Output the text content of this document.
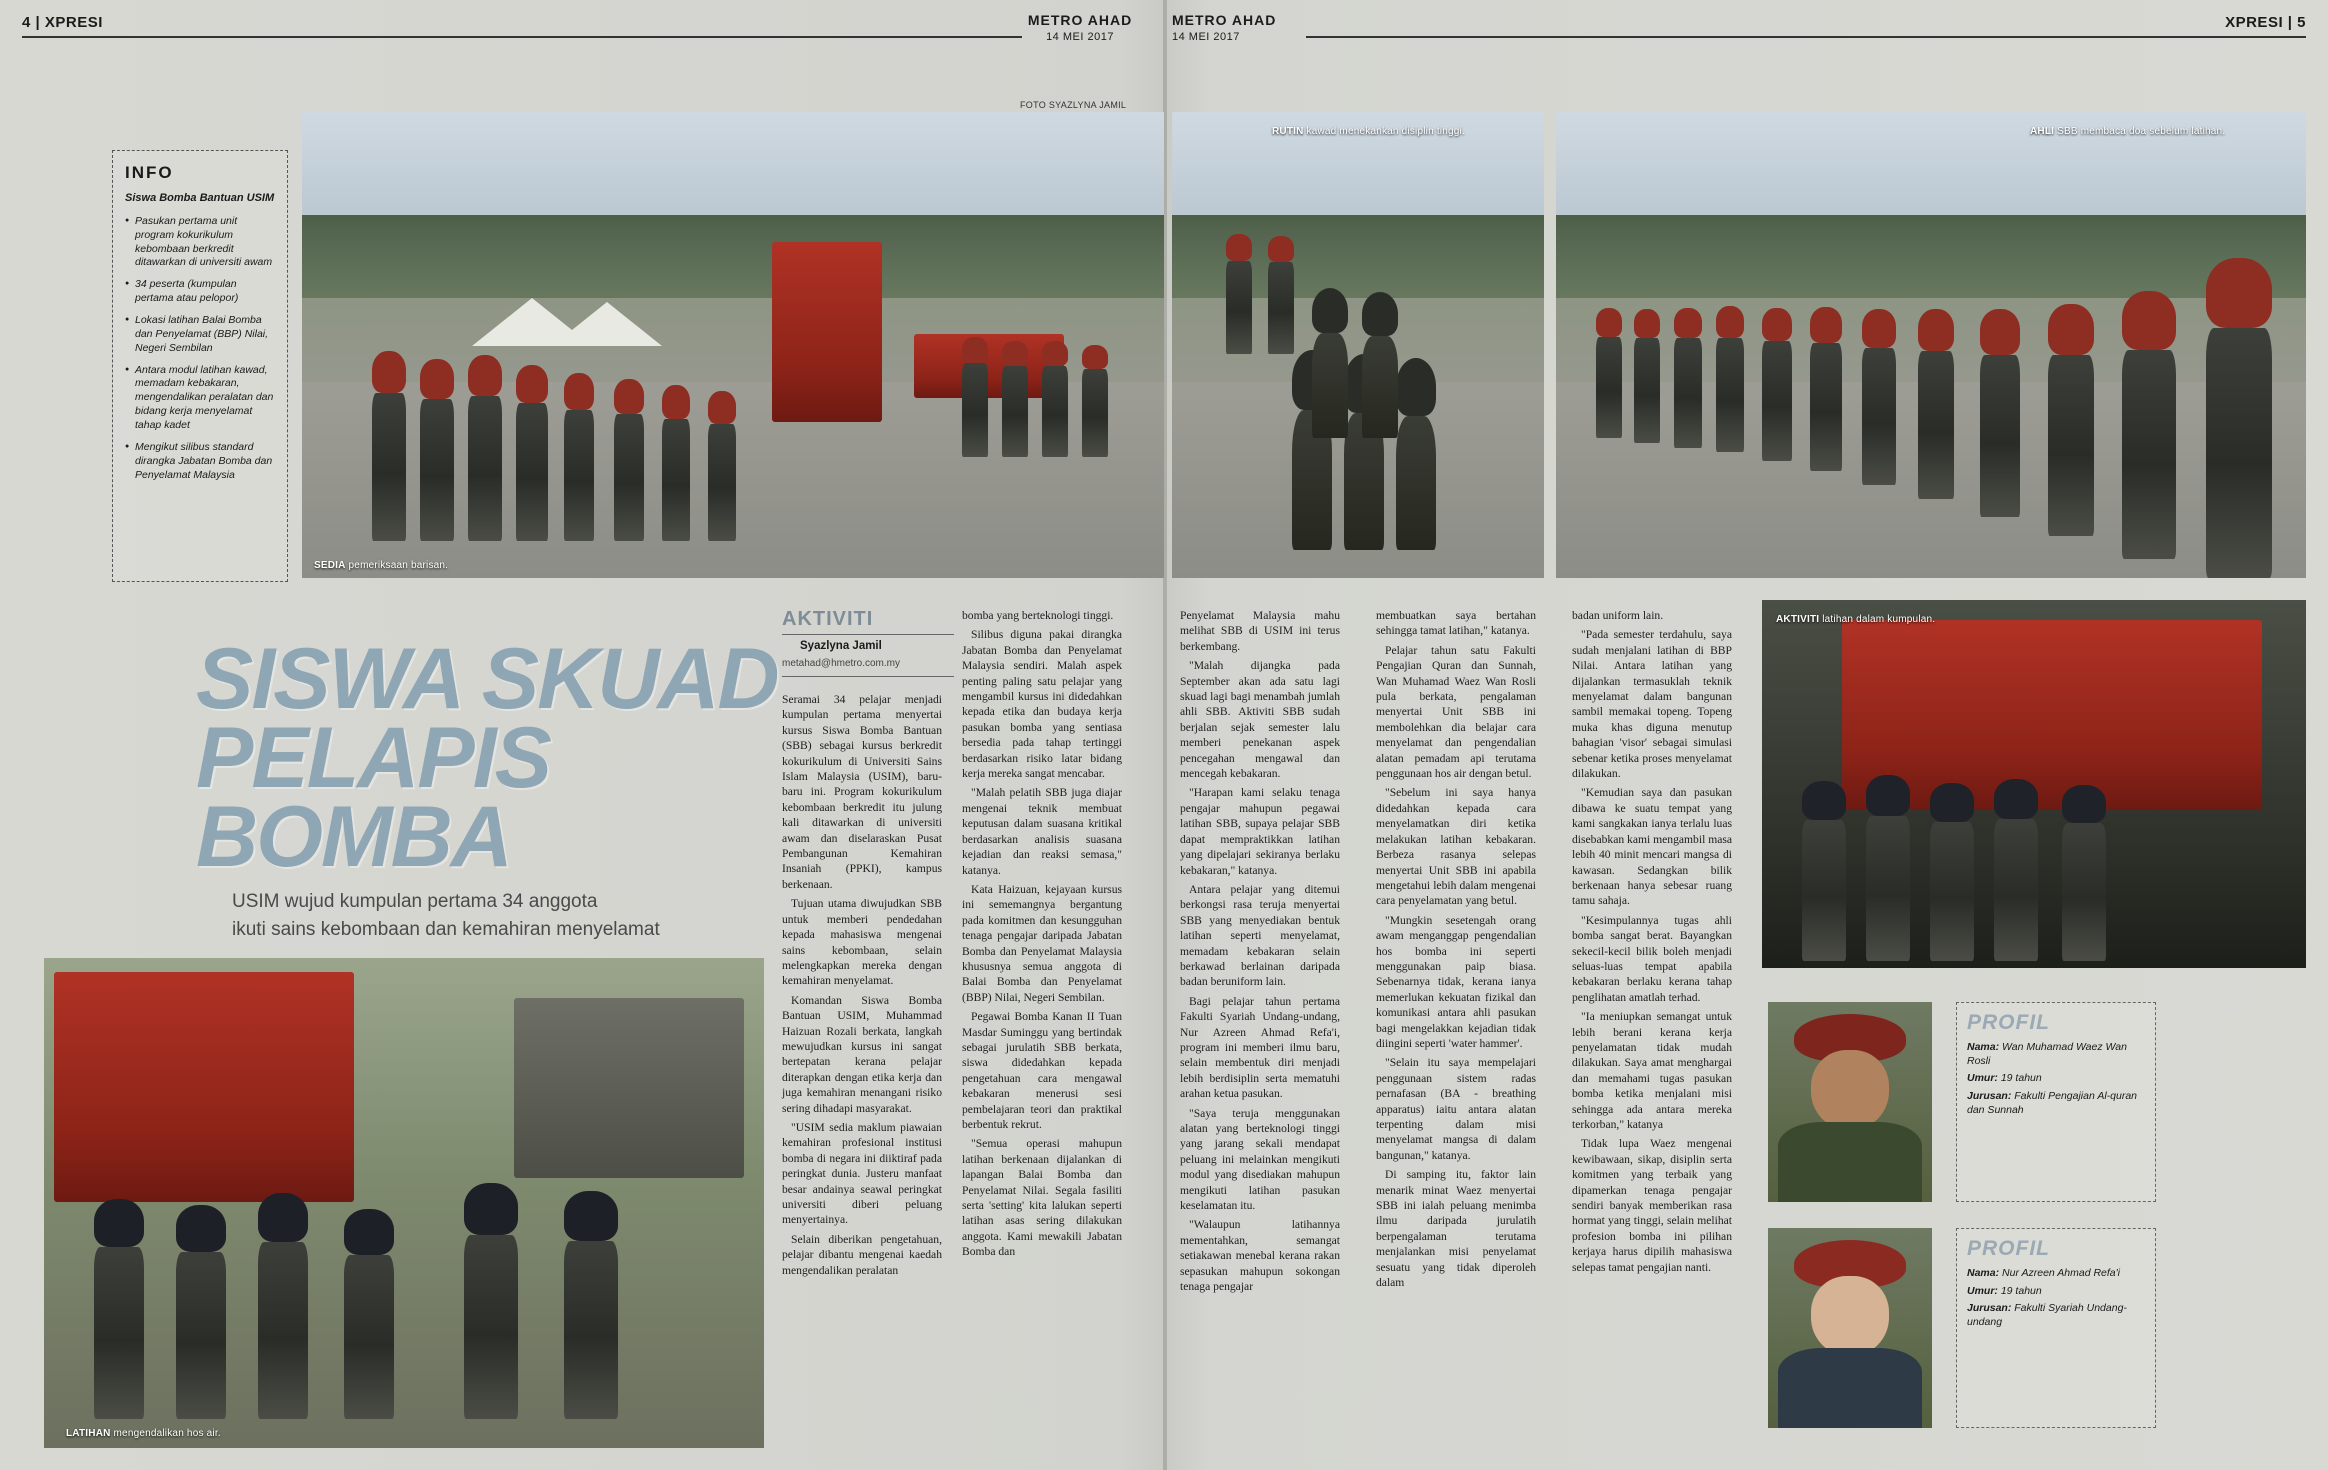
4 | XPRESI	METRO AHAD
14 MEI 2017
METRO AHAD
14 MEI 2017
XPRESI | 5
FOTO SYAZLYNA JAMIL
SEDIA pemeriksaan barisan.
RUTIN kawad menekankan disiplin tinggi.	AHLI SBB membaca doa sebelum latihan.
AKTIVITI latihan dalam kumpulan.
LATIHAN mengendalikan hos air.
INFO
Siswa Bomba Bantuan USIM
● Pasukan pertama unit program kokurikulum kebombaan berkredit ditawarkan di universiti awam
● 34 peserta (kumpulan pertama atau pelopor)
● Lokasi latihan Balai Bomba dan Penyelamat (BBP) Nilai, Negeri Sembilan
● Antara modul latihan kawad, memadam kebakaran, mengendalikan peralatan dan bidang kerja menyelamat tahap kadet
● Mengikut silibus standard dirangka Jabatan Bomba dan Penyelamat Malaysia
SISWA SKUAD
PELAPIS BOMBA
USIM wujud kumpulan pertama 34 anggota
ikuti sains kebombaan dan kemahiran menyelamat
AKTIVITI
Syazlyna Jamil
metahad@hmetro.com.my

Seramai 34 pelajar menjadi kumpulan pertama menyertai kursus Siswa Bomba Bantuan (SBB) sebagai kursus berkredit kokurikulum di Universiti Sains Islam Malaysia (USIM), baru-baru ini. Program kokurikulum kebombaan berkredit itu julung kali ditawarkan di universiti awam dan diselaraskan Pusat Pembangunan Kemahiran Insaniah (PPKI), kampus berkenaan.

Tujuan utama diwujudkan SBB untuk memberi pendedahan kepada mahasiswa mengenai sains kebombaan, selain melengkapkan mereka dengan kemahiran menyelamat.

Komandan Siswa Bomba Bantuan USIM, Muhammad Haizuan Rozali berkata, langkah mewujudkan kursus ini sangat bertepatan kerana pelajar diterapkan dengan etika kerja dan juga kemahiran menangani risiko sering dihadapi masyarakat.

"USIM sedia maklum piawaian kemahiran profesional institusi bomba di negara ini diiktiraf pada peringkat dunia. Justeru manfaat besar andainya seawal peringkat universiti diberi peluang menyertainya.

Selain diberikan pengetahuan, pelajar dibantu mengenai kaedah mengendalikan peralatan

bomba yang berteknologi tinggi.

Silibus diguna pakai dirangka Jabatan Bomba dan Penyelamat Malaysia sendiri. Malah aspek penting paling satu pelajar yang mengambil kursus ini didedahkan kepada etika dan budaya kerja pasukan bomba yang sentiasa bersedia pada tahap tertinggi berdasarkan risiko latar bidang kerja mereka sangat mencabar.

"Malah pelatih SBB juga diajar mengenai teknik membuat keputusan dalam suasana kritikal berdasarkan analisis suasana kejadian dan reaksi semasa," katanya.

Kata Haizuan, kejayaan kursus ini sememangnya bergantung pada komitmen dan kesungguhan tenaga pengajar daripada Jabatan Bomba dan Penyelamat Malaysia khususnya semua anggota di Balai Bomba dan Penyelamat (BBP) Nilai, Negeri Sembilan.

Pegawai Bomba Kanan II Tuan Masdar Suminggu yang bertindak sebagai jurulatih SBB berkata, siswa didedahkan kepada pengetahuan cara mengawal kebakaran menerusi sesi pembelajaran teori dan praktikal berbentuk rekrut.

"Semua operasi mahupun latihan berkenaan dijalankan di lapangan Balai Bomba dan Penyelamat Nilai. Segala fasiliti serta 'setting' kita lalukan seperti latihan asas sering dilakukan anggota. Kami mewakili Jabatan Bomba dan

Penyelamat Malaysia mahu melihat SBB di USIM ini terus berkembang.

"Malah dijangka pada September akan ada satu lagi skuad lagi bagi menambah jumlah ahli SBB. Aktiviti SBB sudah berjalan sejak semester lalu memberi penekanan aspek pencegahan mengawal dan mencegah kebakaran.

"Harapan kami selaku tenaga pengajar mahupun pegawai latihan SBB, supaya pelajar SBB dapat mempraktikkan latihan yang dipelajari sekiranya berlaku kebakaran," katanya.

Antara pelajar yang ditemui berkongsi rasa teruja menyertai SBB yang menyediakan bentuk latihan seperti menyelamat, memadam kebakaran selain berkawad berlainan daripada badan beruniform lain.

Bagi pelajar tahun pertama Fakulti Syariah Undang-undang, Nur Azreen Ahmad Refa'i, program ini memberi ilmu baru, selain membentuk diri menjadi lebih berdisiplin serta mematuhi arahan ketua pasukan.

"Saya teruja menggunakan alatan yang berteknologi tinggi yang jarang sekali mendapat peluang ini melainkan mengikuti modul yang disediakan mahupun mengikuti latihan pasukan keselamatan itu.

"Walaupun latihannya mementahkan, semangat setiakawan menebal kerana rakan sepasukan mahupun sokongan tenaga pengajar

membuatkan saya bertahan sehingga tamat latihan," katanya.

Pelajar tahun satu Fakulti Pengajian Quran dan Sunnah, Wan Muhamad Waez Wan Rosli pula berkata, pengalaman menyertai Unit SBB ini membolehkan dia belajar cara menyelamat dan pengendalian alatan pemadam api terutama penggunaan hos air dengan betul.

"Sebelum ini saya hanya didedahkan kepada cara menyelamatkan diri ketika melakukan latihan kebakaran. Berbeza rasanya selepas menyertai Unit SBB ini apabila mengetahui lebih dalam mengenai cara penyelamatan yang betul.

"Mungkin sesetengah orang awam menganggap pengendalian hos bomba ini seperti menggunakan paip biasa. Sebenarnya tidak, kerana ianya memerlukan kekuatan fizikal dan komunikasi antara ahli pasukan bagi mengelakkan kejadian tidak diingini seperti 'water hammer'.

"Selain itu saya mempelajari penggunaan sistem radas pernafasan (BA - breathing apparatus) iaitu antara alatan terpenting dalam misi menyelamat mangsa di dalam bangunan," katanya.

Di samping itu, faktor lain menarik minat Waez menyertai SBB ini ialah peluang menimba ilmu daripada jurulatih berpengalaman terutama menjalankan misi penyelamat sesuatu yang tidak diperoleh dalam

badan uniform lain.

"Pada semester terdahulu, saya sudah menjalani latihan di BBP Nilai. Antara latihan yang dijalankan termasuklah teknik menyelamat dalam bangunan sambil memakai topeng. Topeng muka khas diguna menutup bahagian 'visor' sebagai simulasi sebenar ketika proses menyelamat dilakukan.

"Kemudian saya dan pasukan dibawa ke suatu tempat yang kami sangkakan ianya terlalu luas disebabkan kami mengambil masa lebih 40 minit mencari mangsa di kawasan. Sedangkan bilik berkenaan hanya sebesar ruang tamu sahaja.

"Kesimpulannya tugas ahli bomba sangat berat. Bayangkan sekecil-kecil bilik boleh menjadi seluas-luas tempat apabila kebakaran berlaku kerana tahap penglihatan amatlah terhad.

"Ia meniupkan semangat untuk lebih berani kerana kerja penyelamatan tidak mudah dilakukan. Saya amat menghargai dan memahami tugas pasukan bomba ketika menjalani misi sehingga ada antara mereka terkorban," katanya

Tidak lupa Waez mengenai kewibawaan, sikap, disiplin serta komitmen yang terbaik yang dipamerkan tenaga pengajar sendiri banyak memberikan rasa hormat yang tinggi, selain melihat profesion bomba ini pilihan kerjaya harus dipilih mahasiswa selepas tamat pengajian nanti.

PROFIL
Nama: Wan Muhamad Waez Wan Rosli
Umur: 19 tahun
Jurusan: Fakulti Pengajian Al-quran dan Sunnah
PROFIL
Nama: Nur Azreen Ahmad Refa'i
Umur: 19 tahun
Jurusan: Fakulti Syariah Undang-undang
